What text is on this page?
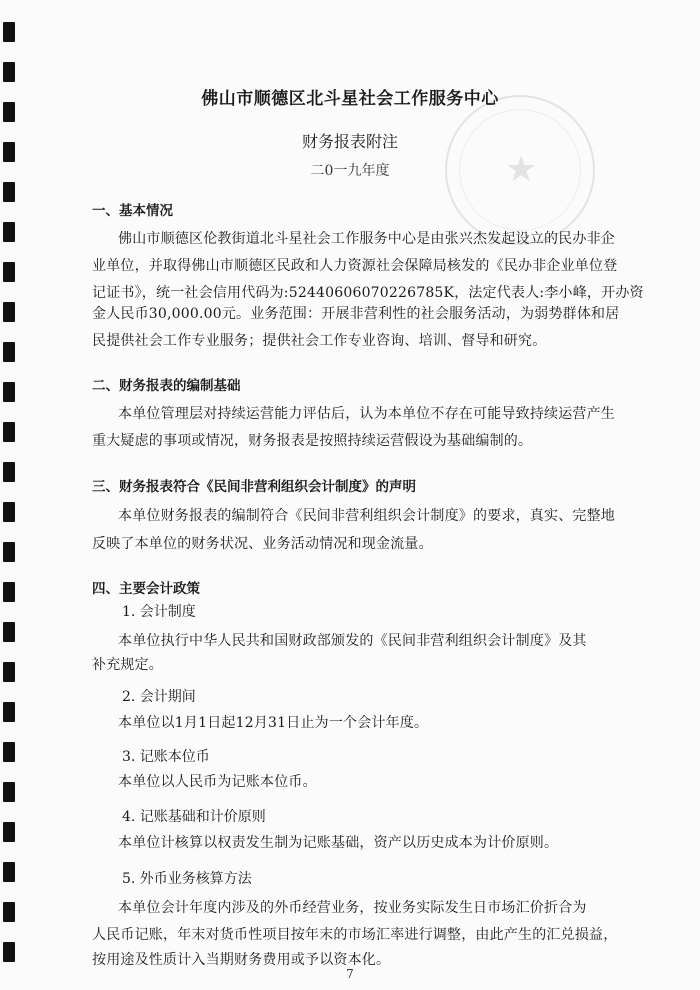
★
佛山市顺德区北斗星社会工作服务中心
财务报表附注
二0一九年度
一、基本情况
佛山市顺德区伦教街道北斗星社会工作服务中心是由张兴杰发起设立的民办非企
业单位，并取得佛山市顺德区民政和人力资源社会保障局核发的《民办非企业单位登
记证书》，统一社会信用代码为:52440606070226785K，法定代表人:李小峰，开办资
金人民币30,000.00元。业务范围：开展非营利性的社会服务活动，为弱势群体和居
民提供社会工作专业服务；提供社会工作专业咨询、培训、督导和研究。
二、财务报表的编制基础
本单位管理层对持续运营能力评估后，认为本单位不存在可能导致持续运营产生
重大疑虑的事项或情况，财务报表是按照持续运营假设为基础编制的。
三、财务报表符合《民间非营利组织会计制度》的声明
本单位财务报表的编制符合《民间非营利组织会计制度》的要求，真实、完整地
反映了本单位的财务状况、业务活动情况和现金流量。
四、主要会计政策
1. 会计制度
本单位执行中华人民共和国财政部颁发的《民间非营利组织会计制度》及其
补充规定。
2. 会计期间
本单位以1月1日起12月31日止为一个会计年度。
3. 记账本位币
本单位以人民币为记账本位币。
4. 记账基础和计价原则
本单位计核算以权责发生制为记账基础，资产以历史成本为计价原则。
5. 外币业务核算方法
本单位会计年度内涉及的外币经营业务，按业务实际发生日市场汇价折合为
人民币记账，年末对货币性项目按年末的市场汇率进行调整，由此产生的汇兑损益，
按用途及性质计入当期财务费用或予以资本化。
7
